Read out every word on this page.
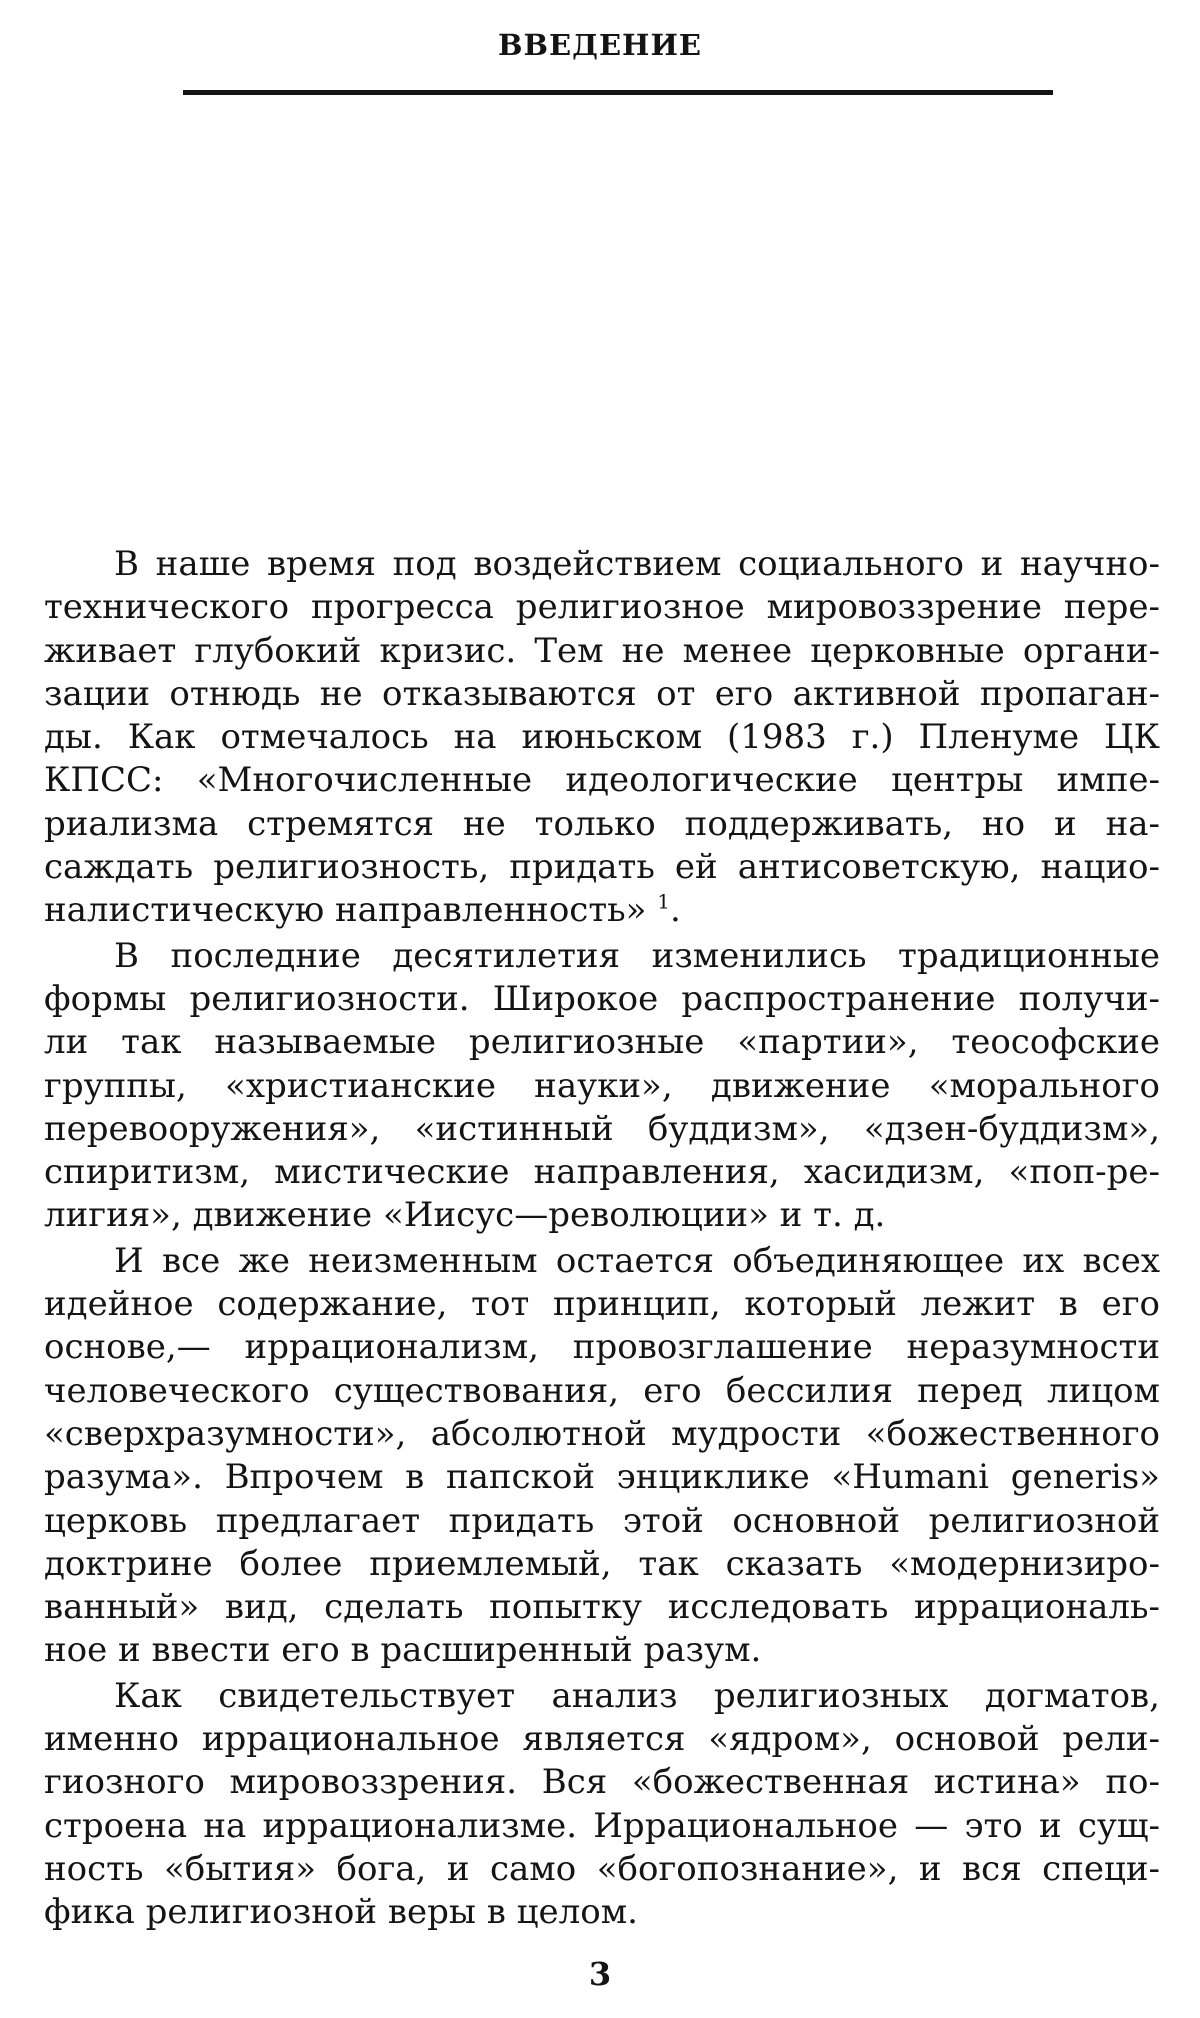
ВВЕДЕНИЕ

В наше время под воздействием социального и научно-
технического прогресса религиозное мировоззрение пере-
живает глубокий кризис. Тем не менее церковные органи-
зации отнюдь не отказываются от его активной пропаган-
ды. Как отмечалось на июньском (1983 г.) Пленуме ЦК
КПСС: «Многочисленные идеологические центры импе-
риализма стремятся не только поддерживать, но и на-
саждать религиозность, придать ей антисоветскую, нацио-
налистическую направленность» $^1$.

В последние десятилетия изменились традиционные
формы религиозности. Широкое распространение получи-
ли так называемые религиозные «партии», теософские
группы, «христианские науки», движение «морального
перевооружения», «истинный буддизм», «дзен-буддизм»,
спиритизм, мистические направления, хасидизм, «поп-ре-
лигия», движение «Иисус—революции» и т. д.

И все же неизменным остается объединяющее их всех
идейное содержание, тот принцип, который лежит в его
основе,— иррационализм, провозглашение неразумности
человеческого существования, его бессилия перед лицом
«сверхразумности», абсолютной мудрости «божественного
разума». Впрочем в папской энциклике «Humani generis»
церковь предлагает придать этой основной религиозной
доктрине более приемлемый, так сказать «модернизиро-
ванный» вид, сделать попытку исследовать иррациональ-
ное и ввести его в расширенный разум.

Как свидетельствует анализ религиозных догматов,
именно иррациональное является «ядром», основой рели-
гиозного мировоззрения. Вся «божественная истина» по-
строена на иррационализме. Иррациональное — это и сущ-
ность «бытия» бога, и само «богопознание», и вся специ-
фика религиозной веры в целом.

3
